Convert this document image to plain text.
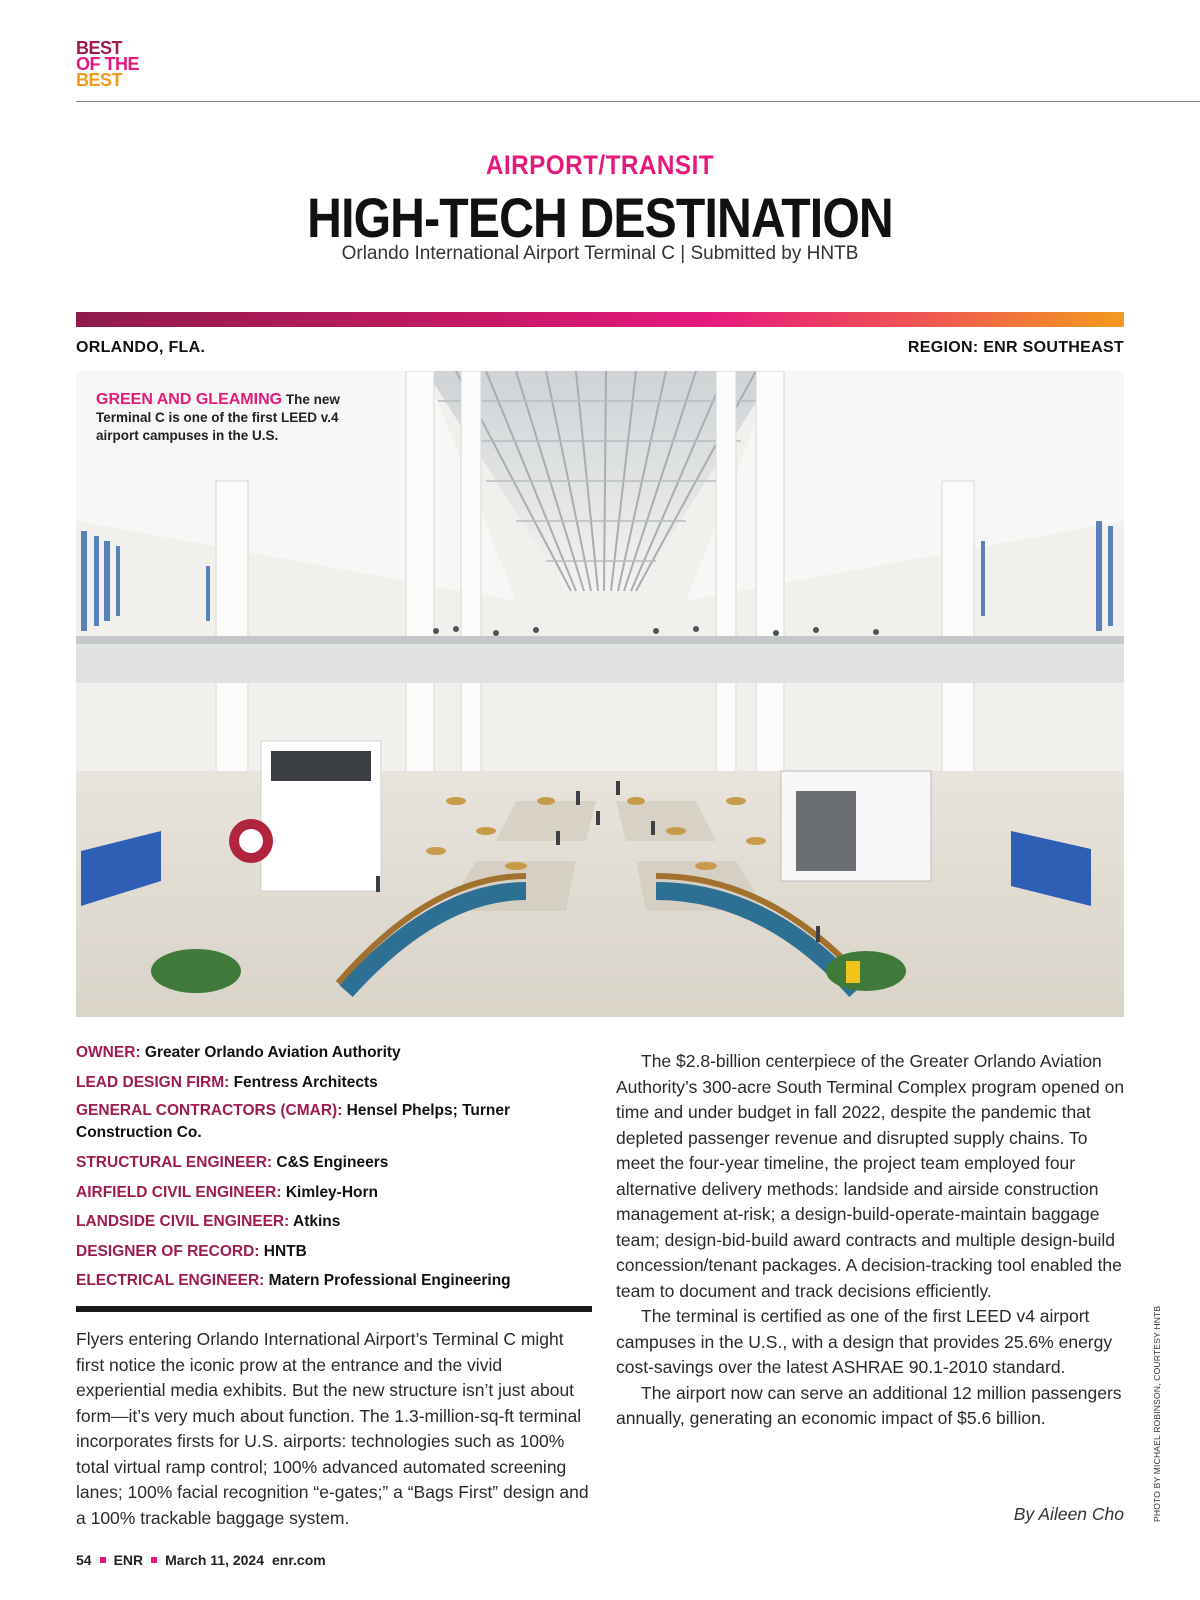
BEST
OF THE
BEST
AIRPORT/TRANSIT
HIGH-TECH DESTINATION
Orlando International Airport Terminal C | Submitted by HNTB
ORLANDO, FLA.	REGION: ENR SOUTHEAST
GREEN AND GLEAMING The new Terminal C is one of the first LEED v.4 airport campuses in the U.S.
OWNER: Greater Orlando Aviation Authority
LEAD DESIGN FIRM: Fentress Architects
GENERAL CONTRACTORS (CMAR): Hensel Phelps; Turner Construction Co.
STRUCTURAL ENGINEER: C&S Engineers
AIRFIELD CIVIL ENGINEER: Kimley-Horn
LANDSIDE CIVIL ENGINEER: Atkins
DESIGNER OF RECORD: HNTB
ELECTRICAL ENGINEER: Matern Professional Engineering

Flyers entering Orlando International Airport’s Terminal C might first notice the iconic prow at the entrance and the vivid experiential media exhibits. But the new structure isn’t just about form—it’s very much about function. The 1.3-million-sq-ft terminal incorporates firsts for U.S. airports: technologies such as 100% total virtual ramp control; 100% advanced automated screening lanes; 100% facial recognition “e-gates;” a “Bags First” design and a 100% trackable baggage system.

The $2.8-billion centerpiece of the Greater Orlando Aviation Authority’s 300-acre South Terminal Complex program opened on time and under budget in fall 2022, despite the pandemic that depleted passenger revenue and disrupted supply chains. To meet the four-year timeline, the project team employed four alternative delivery methods: landside and airside construction management at-risk; a design-build-operate-maintain baggage team; design-bid-build award contracts and multiple design-build concession/tenant packages. A decision-tracking tool enabled the team to document and track decisions efficiently.

The terminal is certified as one of the first LEED v4 airport campuses in the U.S., with a design that provides 25.6% energy cost-savings over the latest ASHRAE 90.1-2010 standard.

The airport now can serve an additional 12 million passengers annually, generating an economic impact of $5.6 billion.

By Aileen Cho	PHOTO BY MICHAEL ROBINSON, COURTESY HNTB
54 ENR March 11, 2024 enr.com
